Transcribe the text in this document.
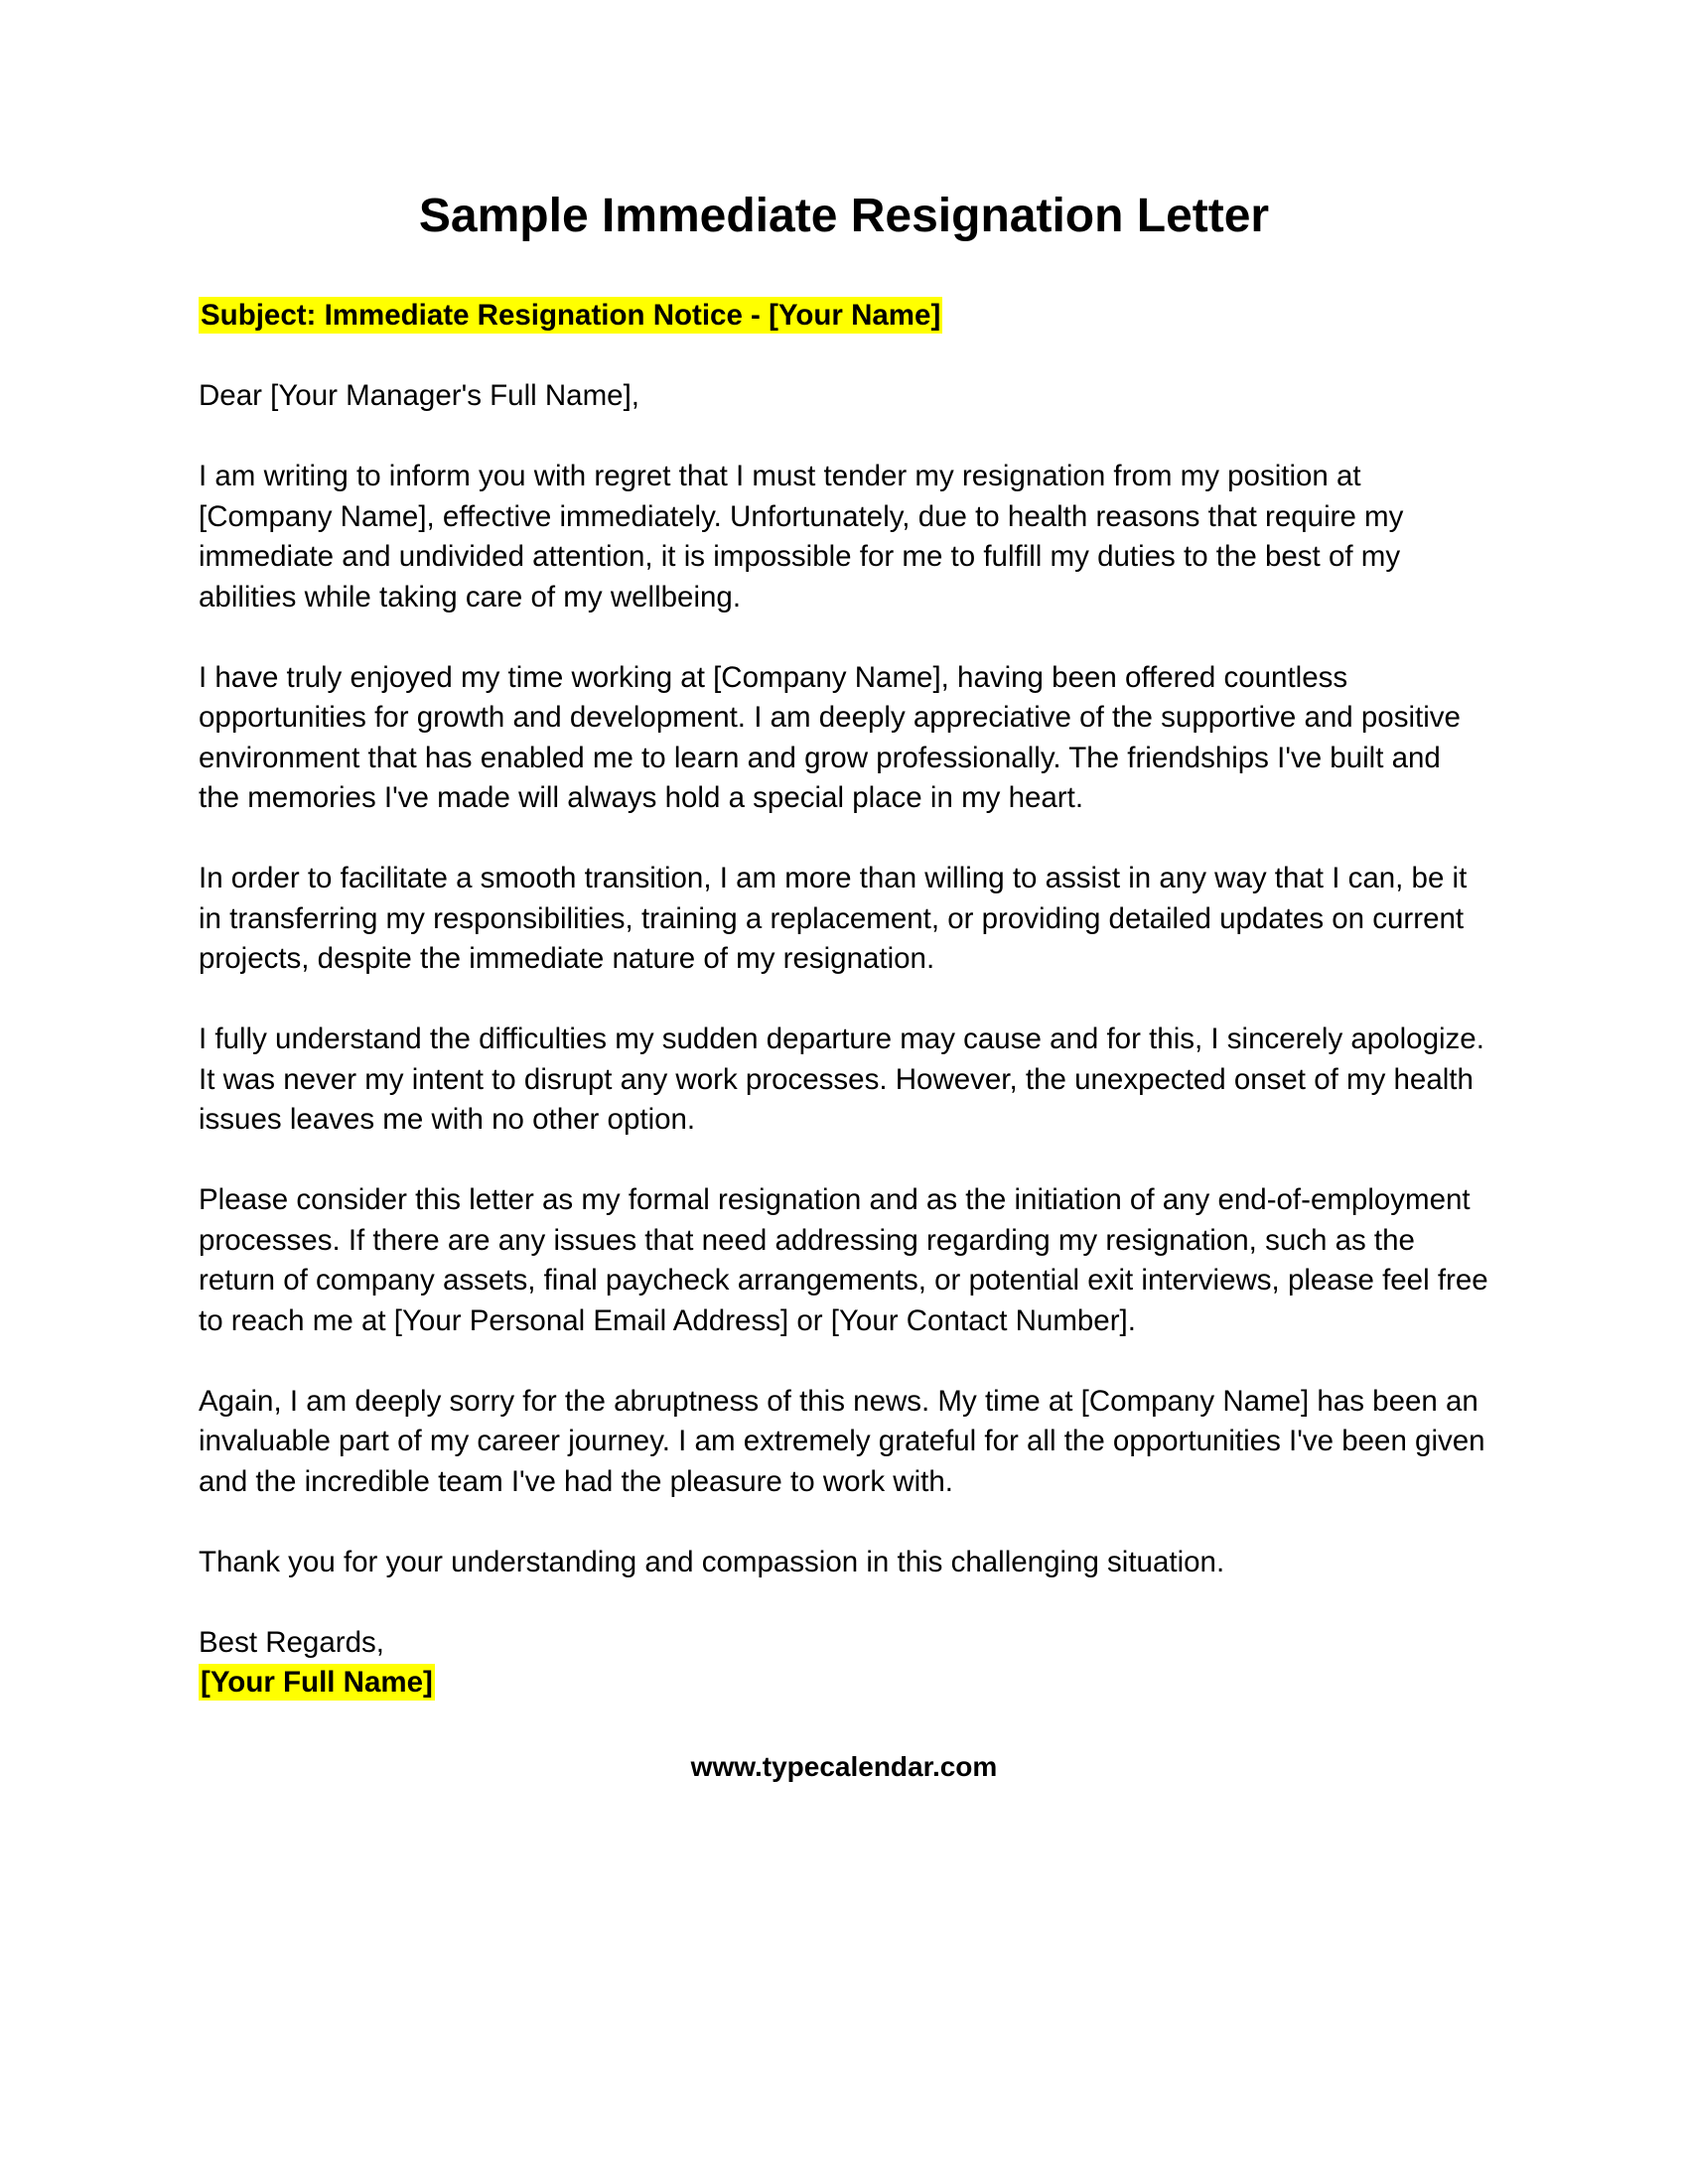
Sample Immediate Resignation Letter

Subject: Immediate Resignation Notice - [Your Name]

Dear [Your Manager's Full Name],

I am writing to inform you with regret that I must tender my resignation from my position at [Company Name], effective immediately. Unfortunately, due to health reasons that require my immediate and undivided attention, it is impossible for me to fulfill my duties to the best of my abilities while taking care of my wellbeing.

I have truly enjoyed my time working at [Company Name], having been offered countless opportunities for growth and development. I am deeply appreciative of the supportive and positive environment that has enabled me to learn and grow professionally. The friendships I've built and the memories I've made will always hold a special place in my heart.

In order to facilitate a smooth transition, I am more than willing to assist in any way that I can, be it in transferring my responsibilities, training a replacement, or providing detailed updates on current projects, despite the immediate nature of my resignation.

I fully understand the difficulties my sudden departure may cause and for this, I sincerely apologize. It was never my intent to disrupt any work processes. However, the unexpected onset of my health issues leaves me with no other option.

Please consider this letter as my formal resignation and as the initiation of any end-of-employment processes. If there are any issues that need addressing regarding my resignation, such as the return of company assets, final paycheck arrangements, or potential exit interviews, please feel free to reach me at [Your Personal Email Address] or [Your Contact Number].

Again, I am deeply sorry for the abruptness of this news. My time at [Company Name] has been an invaluable part of my career journey. I am extremely grateful for all the opportunities I've been given and the incredible team I've had the pleasure to work with.

Thank you for your understanding and compassion in this challenging situation.

Best Regards,
[Your Full Name]

www.typecalendar.com
